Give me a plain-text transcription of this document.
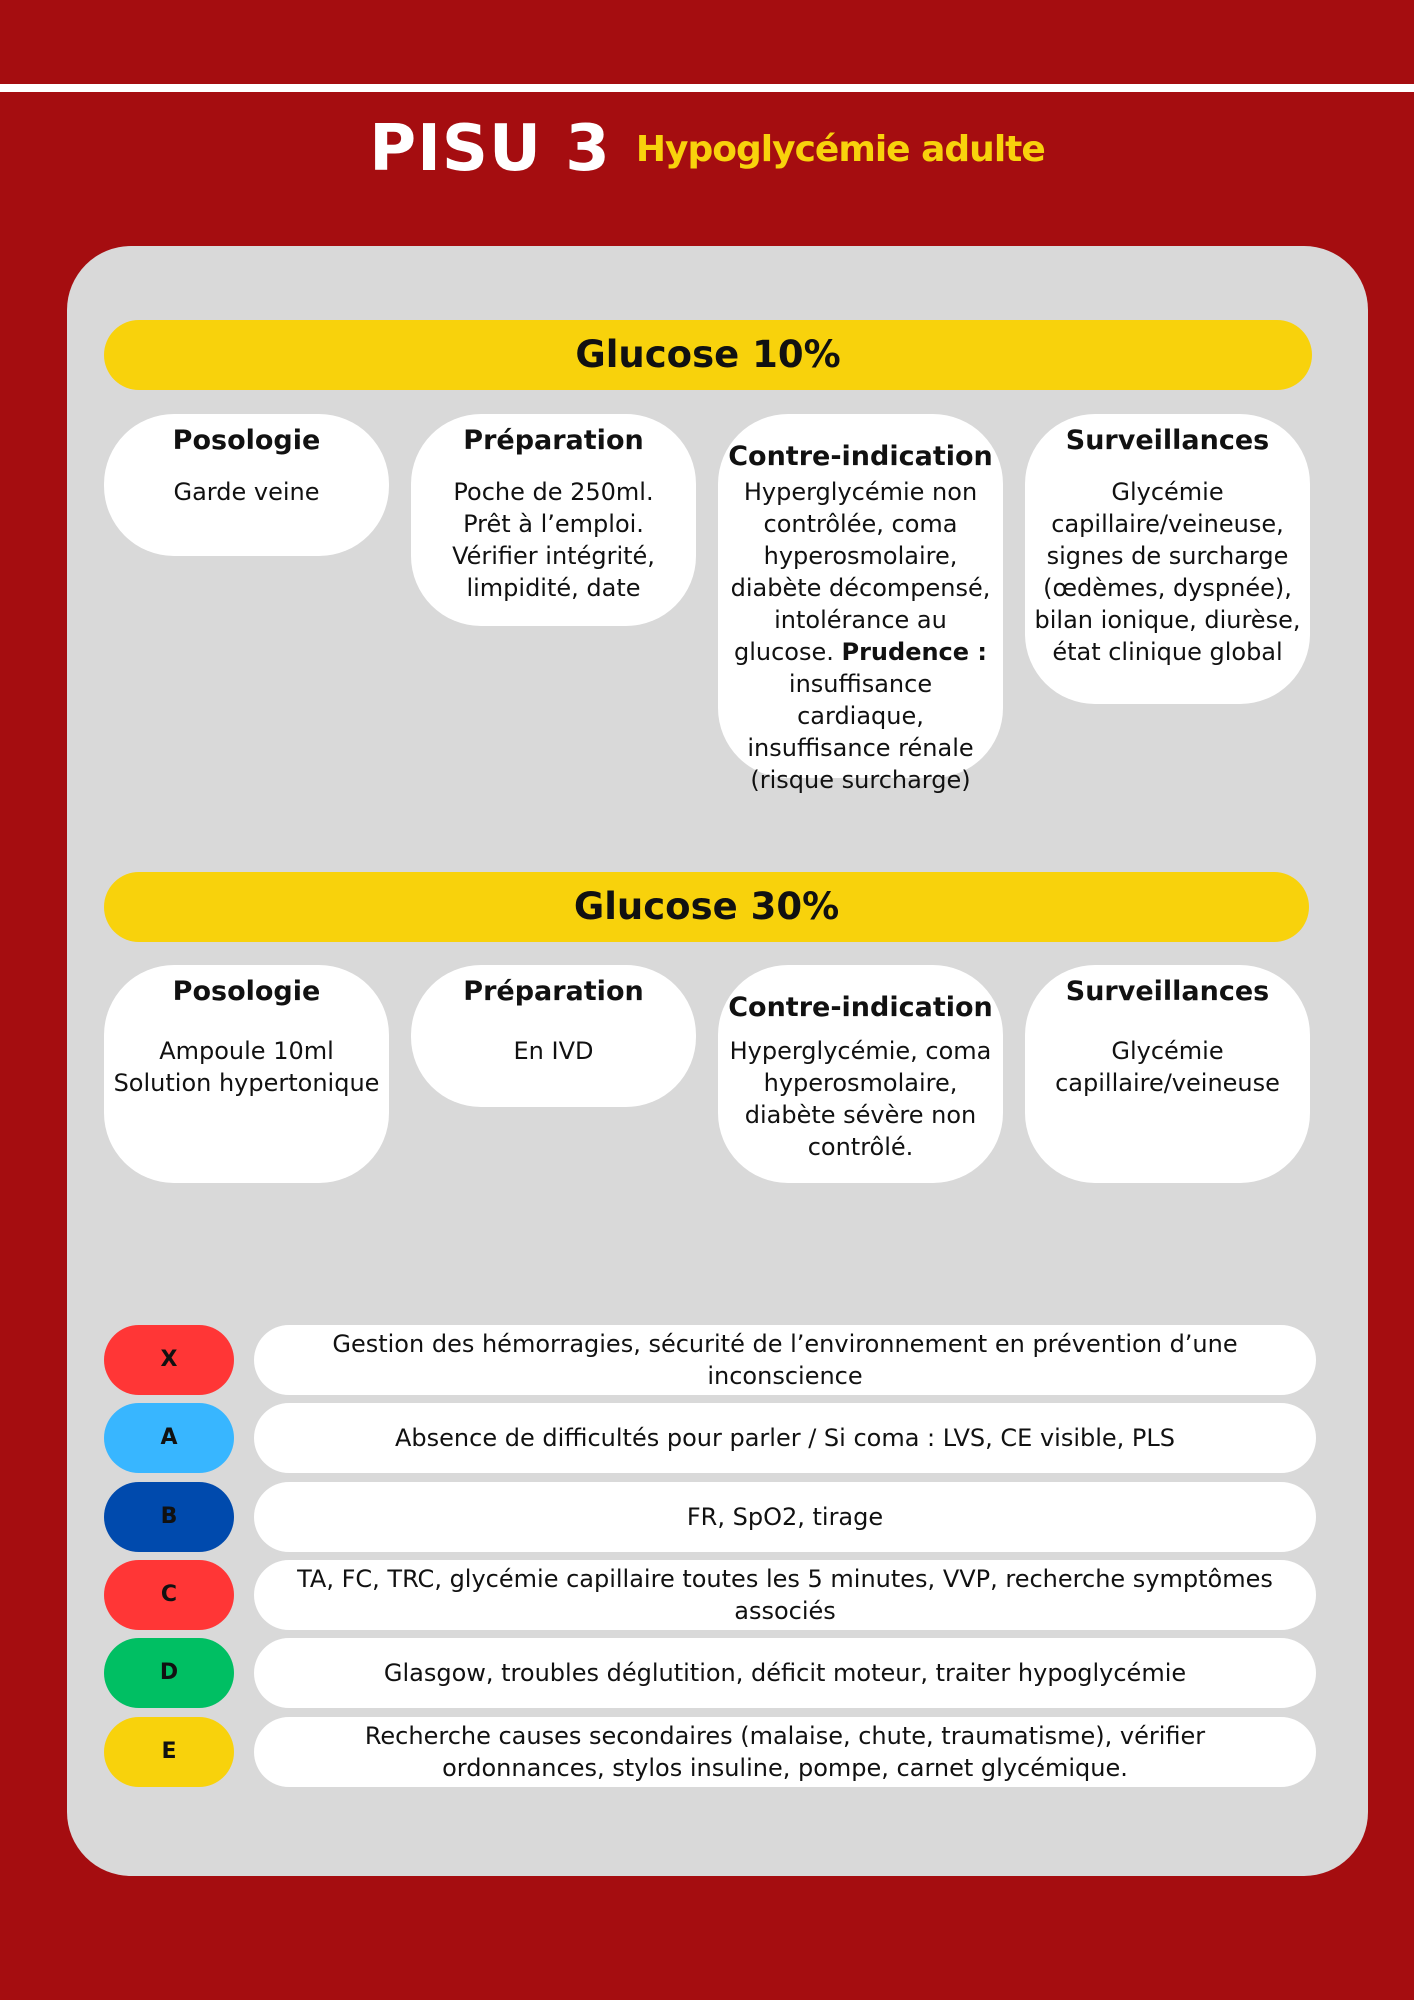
PISU 3 Hypoglycémie adulte
Glucose 10%
Posologie
Garde veine
Préparation
Poche de 250ml.
Prêt à l’emploi.
Vérifier intégrité, limpidité, date
Contre-indication
Hyperglycémie non contrôlée, coma hyperosmolaire, diabète décompensé, intolérance au glucose. Prudence : insuffisance cardiaque, insuffisance rénale (risque surcharge)
Surveillances
Glycémie capillaire/veineuse, signes de surcharge (œdèmes, dyspnée), bilan ionique, diurèse, état clinique global
Glucose 30%
Posologie
Ampoule 10ml
Solution hypertonique
Préparation
En IVD
Contre-indication
Hyperglycémie, coma hyperosmolaire, diabète sévère non contrôlé.
Surveillances
Glycémie capillaire/veineuse
X
Gestion des hémorragies, sécurité de l’environnement en prévention d’une inconscience
A	Absence de difficultés pour parler / Si coma : LVS, CE visible, PLS
B	FR, SpO2, tirage
C
TA, FC, TRC, glycémie capillaire toutes les 5 minutes, VVP, recherche symptômes associés
D	Glasgow, troubles déglutition, déficit moteur, traiter hypoglycémie
E
Recherche causes secondaires (malaise, chute, traumatisme), vérifier ordonnances, stylos insuline, pompe, carnet glycémique.
